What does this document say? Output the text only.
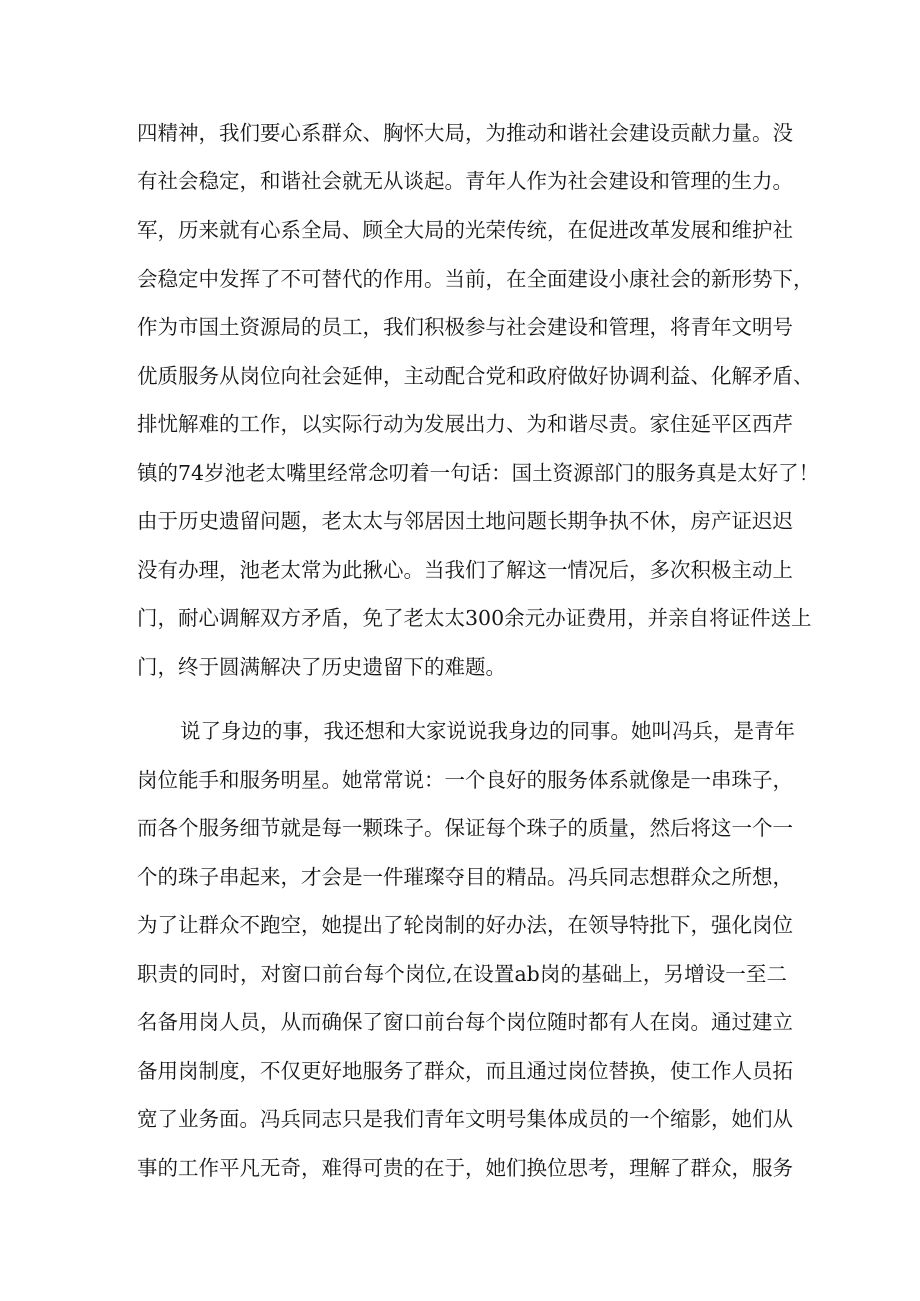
四精神，我们要心系群众、胸怀大局，为推动和谐社会建设贡献力量。没
有社会稳定，和谐社会就无从谈起。青年人作为社会建设和管理的生力。
军，历来就有心系全局、顾全大局的光荣传统，在促进改革发展和维护社
会稳定中发挥了不可替代的作用。当前，在全面建设小康社会的新形势下，
作为市国土资源局的员工，我们积极参与社会建设和管理，将青年文明号
优质服务从岗位向社会延伸，主动配合党和政府做好协调利益、化解矛盾、
排忧解难的工作，以实际行动为发展出力、为和谐尽责。家住延平区西芹
镇的74岁池老太嘴里经常念叨着一句话：国土资源部门的服务真是太好了！
由于历史遗留问题，老太太与邻居因土地问题长期争执不休，房产证迟迟
没有办理，池老太常为此揪心。当我们了解这一情况后，多次积极主动上
门，耐心调解双方矛盾，免了老太太300余元办证费用，并亲自将证件送上
门，终于圆满解决了历史遗留下的难题。
说了身边的事，我还想和大家说说我身边的同事。她叫冯兵，是青年
岗位能手和服务明星。她常常说：一个良好的服务体系就像是一串珠子，
而各个服务细节就是每一颗珠子。保证每个珠子的质量，然后将这一个一
个的珠子串起来，才会是一件璀璨夺目的精品。冯兵同志想群众之所想，
为了让群众不跑空，她提出了轮岗制的好办法，在领导特批下，强化岗位
职责的同时，对窗口前台每个岗位,在设置ab岗的基础上，另增设一至二
名备用岗人员，从而确保了窗口前台每个岗位随时都有人在岗。通过建立
备用岗制度，不仅更好地服务了群众，而且通过岗位替换，使工作人员拓
宽了业务面。冯兵同志只是我们青年文明号集体成员的一个缩影，她们从
事的工作平凡无奇，难得可贵的在于，她们换位思考，理解了群众，服务
